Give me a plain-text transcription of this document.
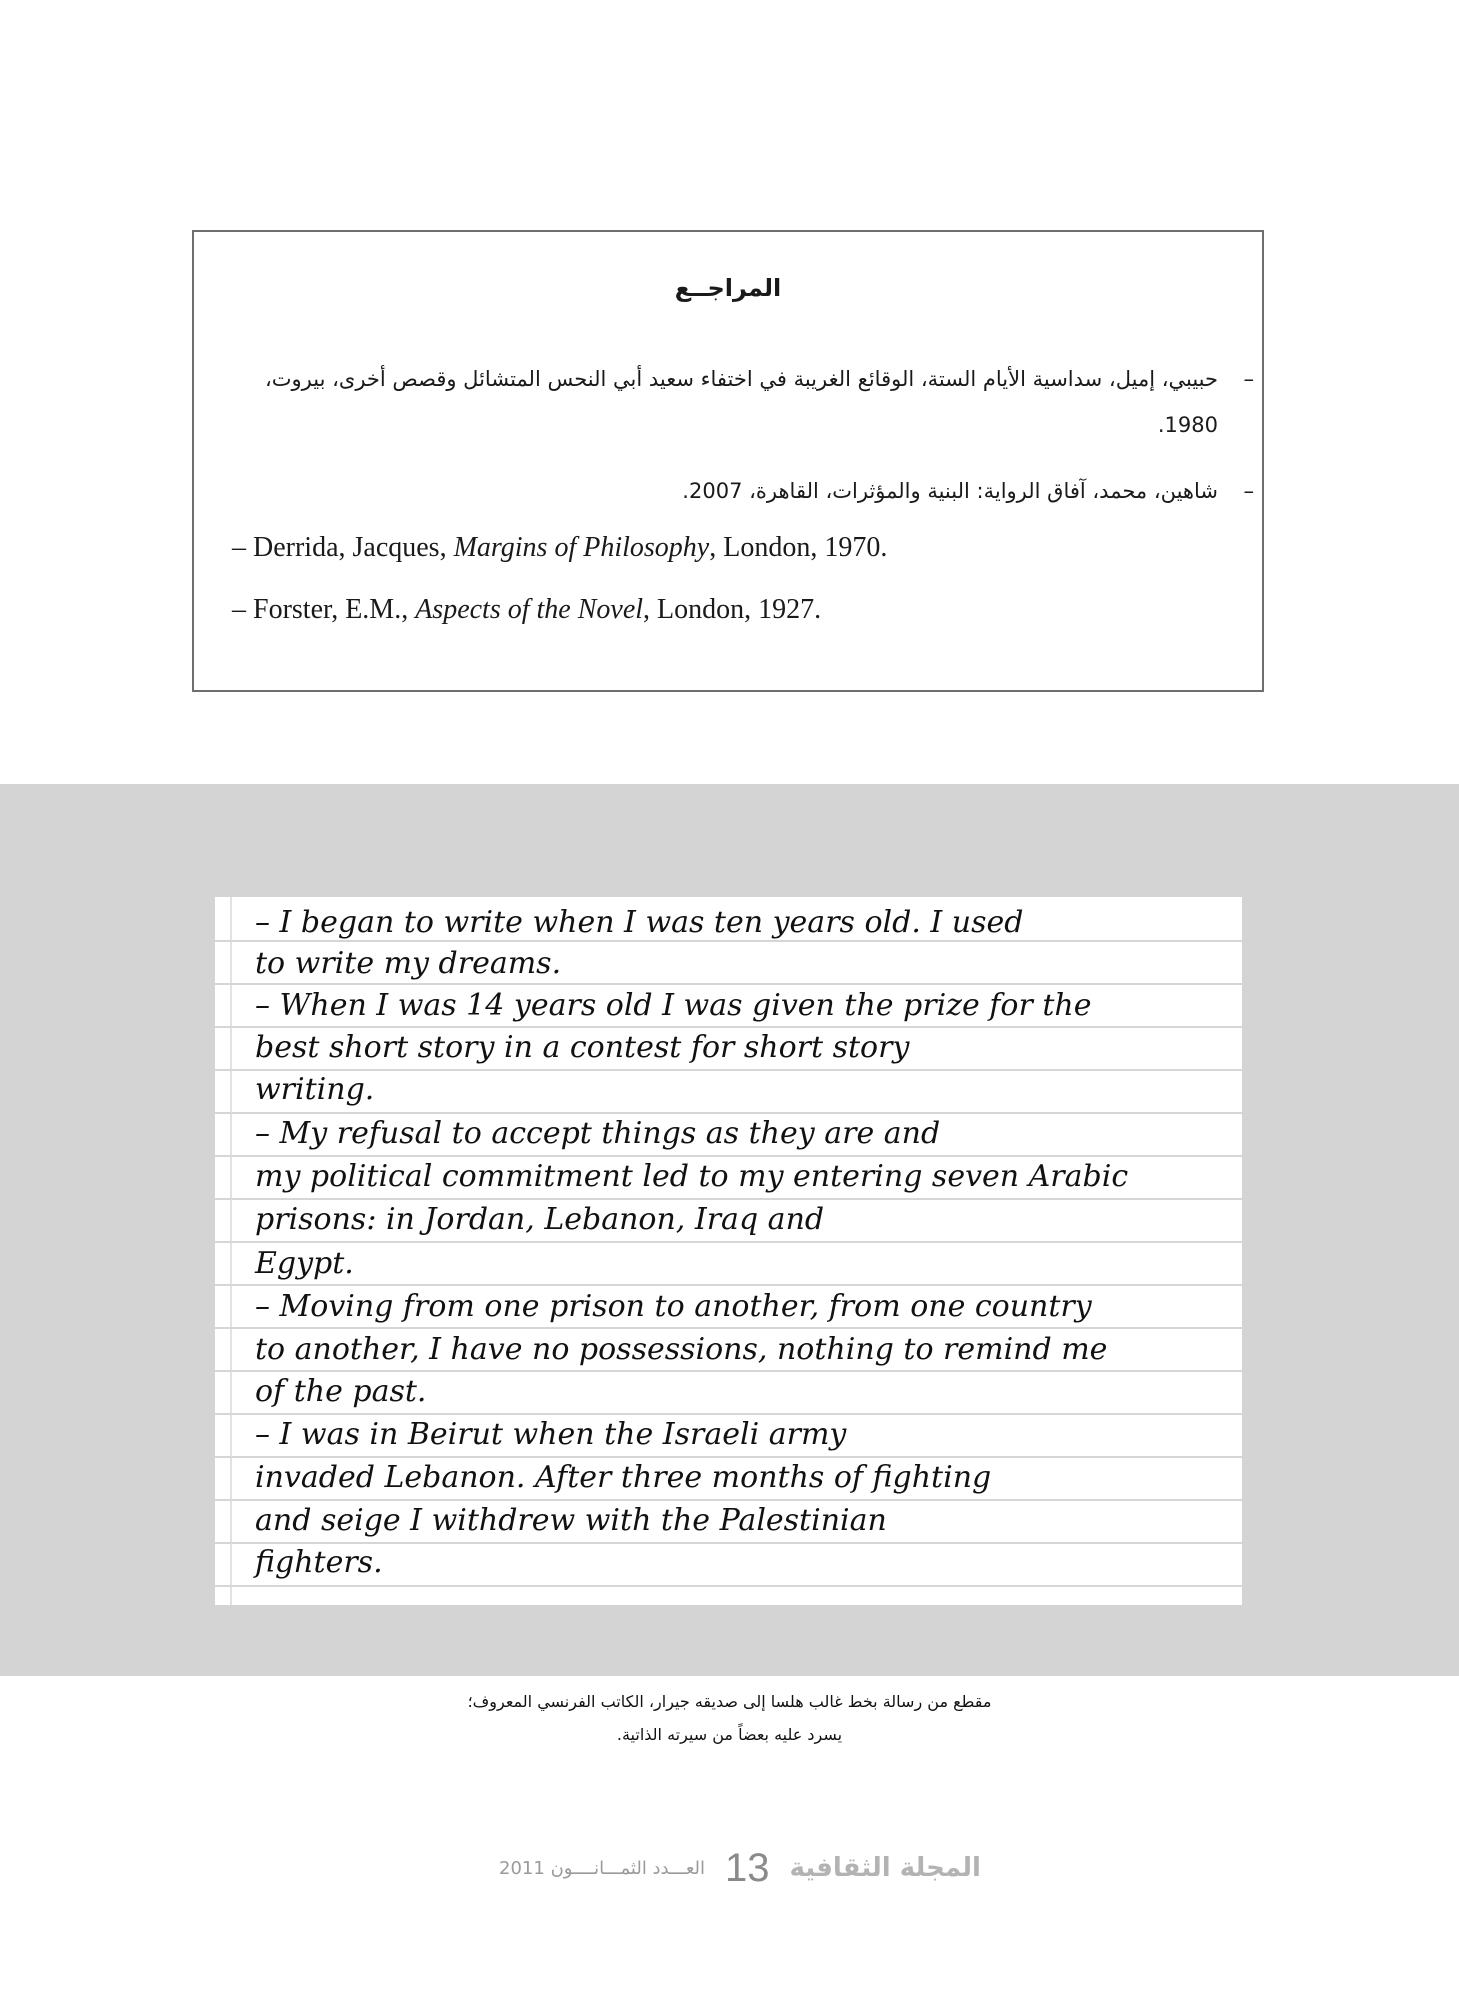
المراجــع
–
حبيبي، إميل، سداسية الأيام الستة، الوقائع الغريبة في اختفاء سعيد أبي النحس المتشائل وقصص أخرى، بيروت، 1980.
–
شاهين، محمد، آفاق الرواية: البنية والمؤثرات، القاهرة، 2007.
– Derrida, Jacques, Margins of Philosophy, London, 1970.
– Forster, E.M., Aspects of the Novel, London, 1927.
– I began to write when I was ten years old. I used
to write my dreams.
– When I was 14 years old I was given the prize for the
best short story in a contest for short story
writing.
– My refusal to accept things as they are and
my political commitment led to my entering seven Arabic
prisons: in Jordan, Lebanon, Iraq and
Egypt.
– Moving from one prison to another, from one country
to another, I have no possessions, nothing to remind me
of the past.
– I was in Beirut when the Israeli army
invaded Lebanon. After three months of fighting
and seige I withdrew with the Palestinian
fighters.
مقطع من رسالة بخط غالب هلسا إلى صديقه جيرار، الكاتب الفرنسي المعروف؛
يسرد عليه بعضاً من سيرته الذاتية.
العـــدد الثمـــانــــون 2011 13 المجلة الثقافية
